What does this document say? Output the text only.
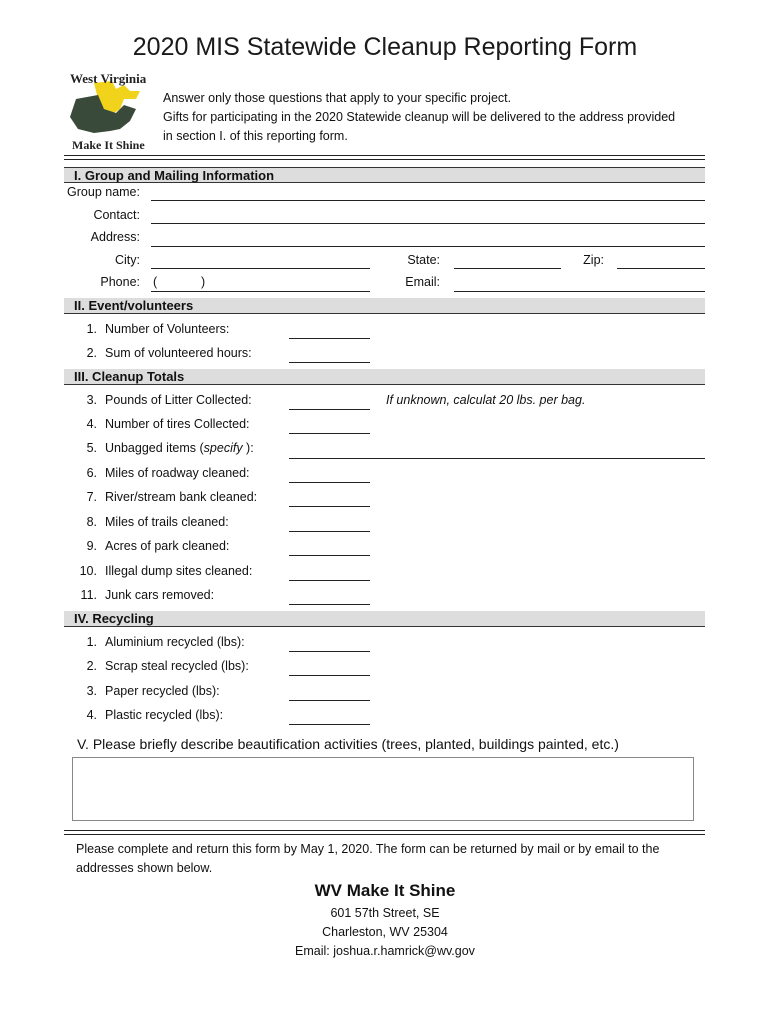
2020 MIS Statewide Cleanup Reporting Form
West Virginia
Make It Shine
Answer only those questions that apply to your specific project.
Gifts for participating in the 2020 Statewide cleanup will be delivered to the address provided
in section I. of this reporting form.
I. Group and Mailing Information
Group name:
Contact:
Address:
City:	State:	Zip:
Phone: (	)	Email:
II. Event/volunteers
1. Number of Volunteers:
2. Sum of volunteered hours:
III. Cleanup Totals
3. Pounds of Litter Collected:	If unknown, calculat 20 lbs. per bag.
4. Number of tires Collected:
5. Unbagged items (specify ):
6. Miles of roadway cleaned:
7. River/stream bank cleaned:
8. Miles of trails cleaned:
9. Acres of park cleaned:
10. Illegal dump sites cleaned:
11. Junk cars removed:
IV. Recycling
1. Aluminium recycled (lbs):
2. Scrap steal recycled (lbs):
3. Paper recycled (lbs):
4. Plastic recycled (lbs):
V. Please briefly describe beautification activities (trees, planted, buildings painted, etc.)
Please complete and return this form by May 1, 2020. The form can be returned by mail or by email to the addresses shown below.
WV Make It Shine
601 57th Street, SE
Charleston, WV 25304
Email: joshua.r.hamrick@wv.gov
